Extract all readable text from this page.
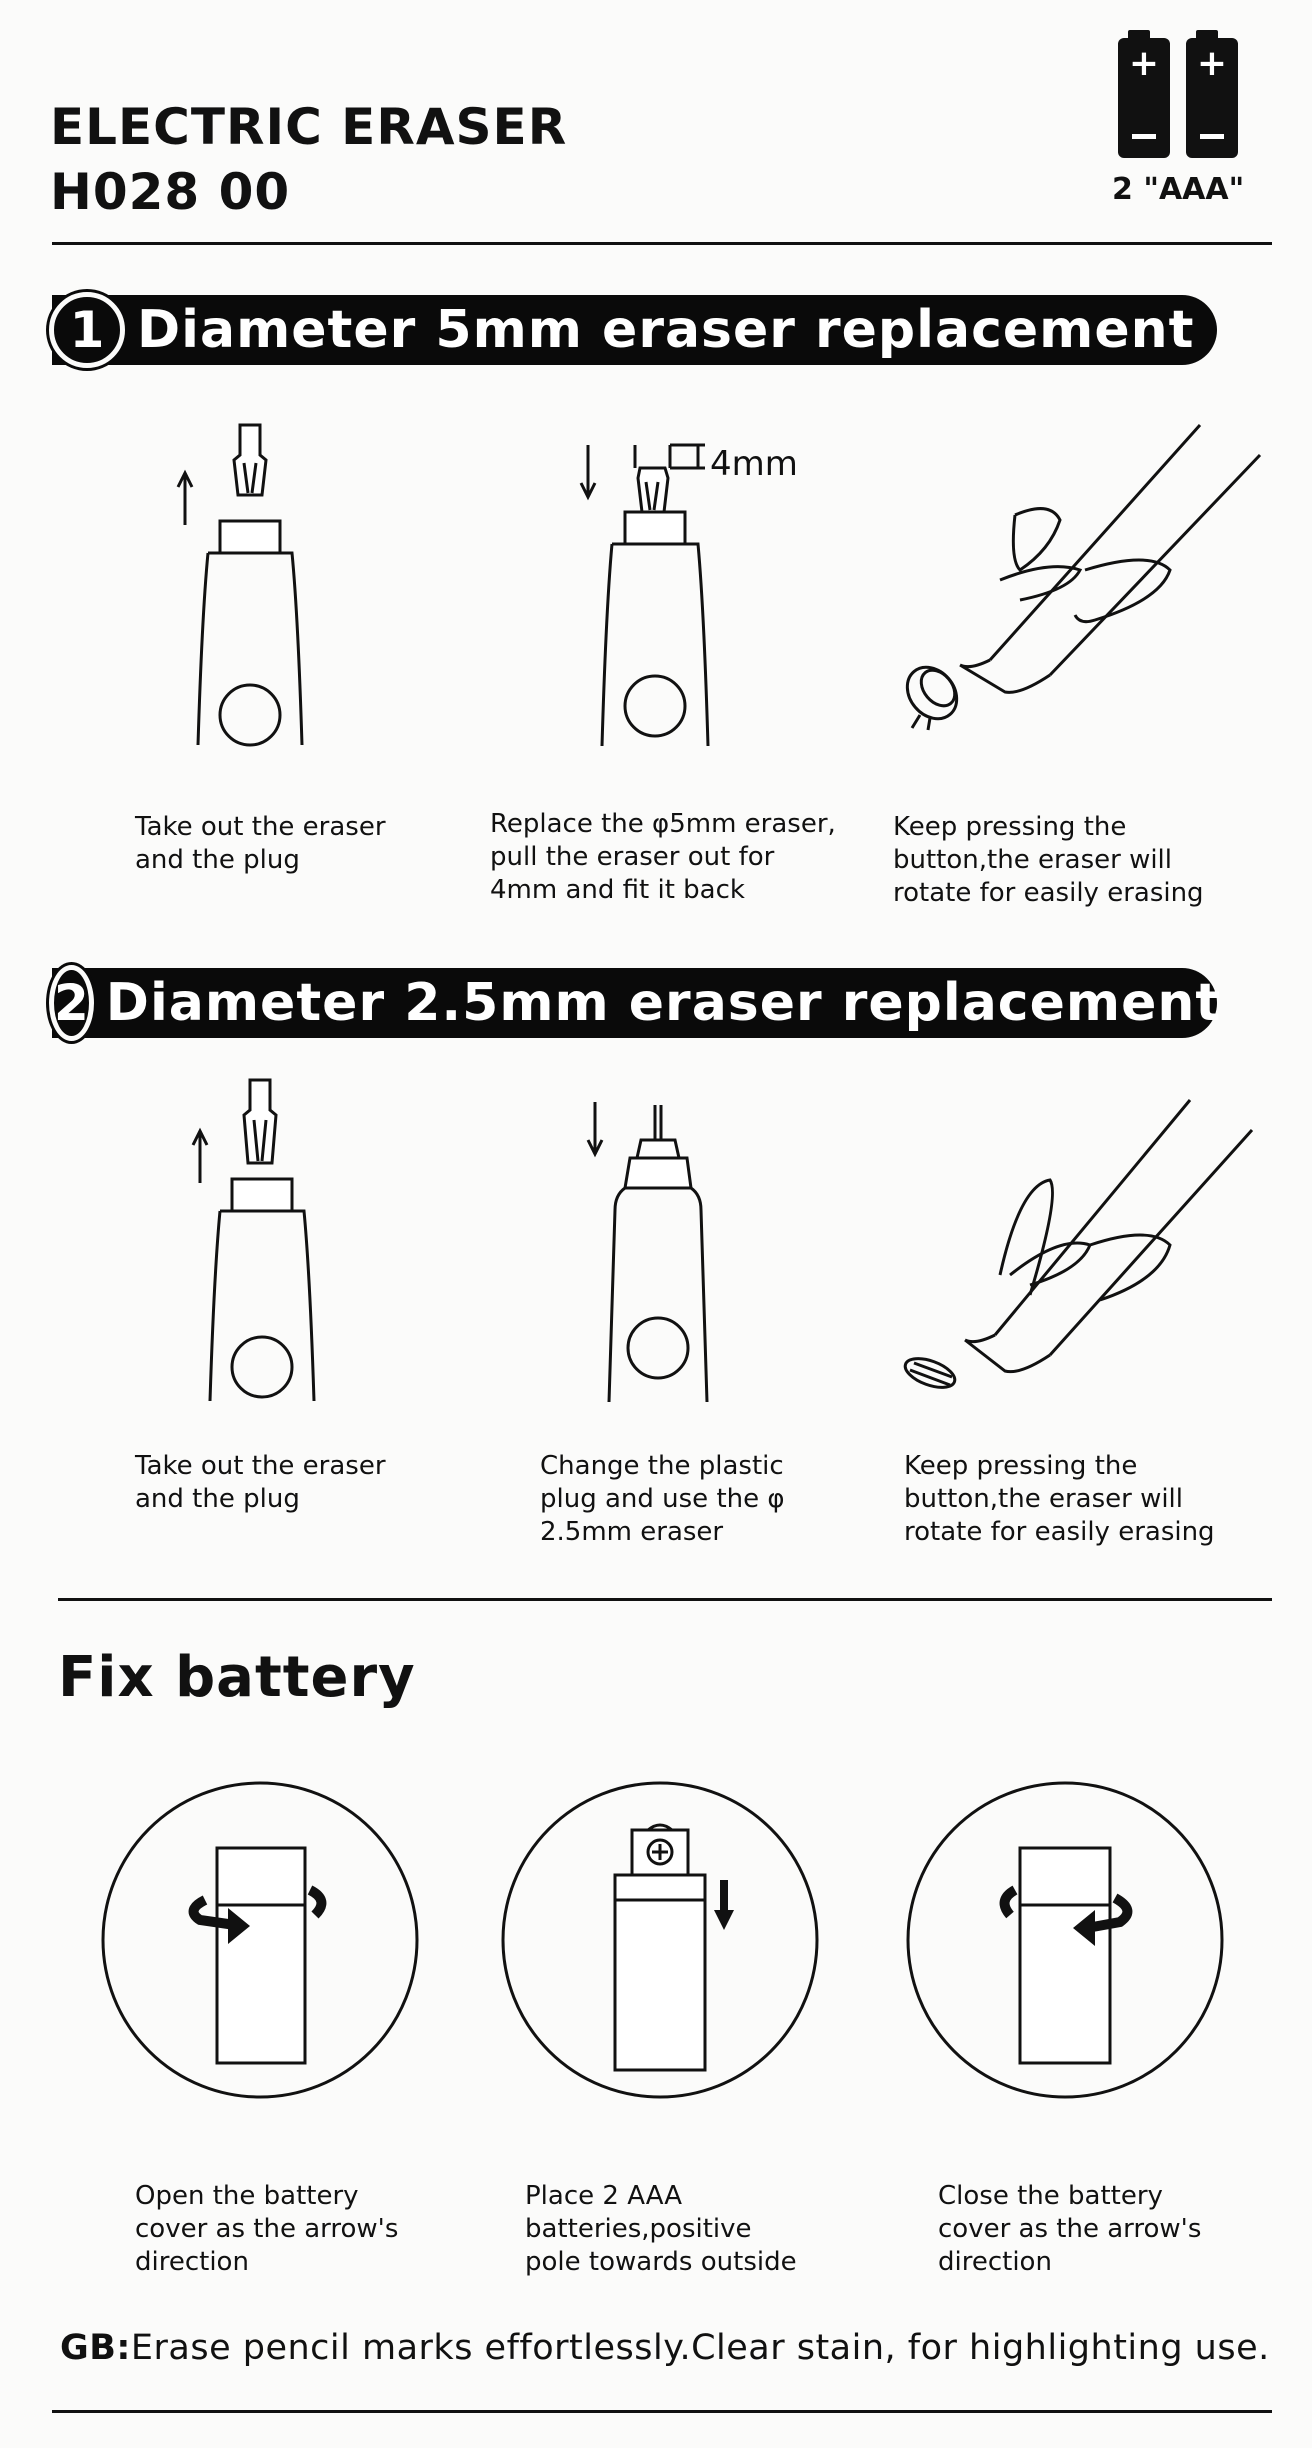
ELECTRIC ERASER
H028 00
+ +
2 "AAA"
1 Diameter 5mm eraser replacement
4mm
Take out the eraser
and the plug
Replace the φ5mm eraser,
pull the eraser out for
4mm and fit it back
Keep pressing the
button,the eraser will
rotate for easily erasing
2 Diameter 2.5mm eraser replacement
Take out the eraser
and the plug
Change the plastic
plug and use the φ
2.5mm eraser
Keep pressing the
button,the eraser will
rotate for easily erasing
Fix battery
Open the battery
cover as the arrow's
direction
Place 2 AAA
batteries,positive
pole towards outside
Close the battery
cover as the arrow's
direction
GB:Erase pencil marks effortlessly.Clear stain, for highlighting use.
